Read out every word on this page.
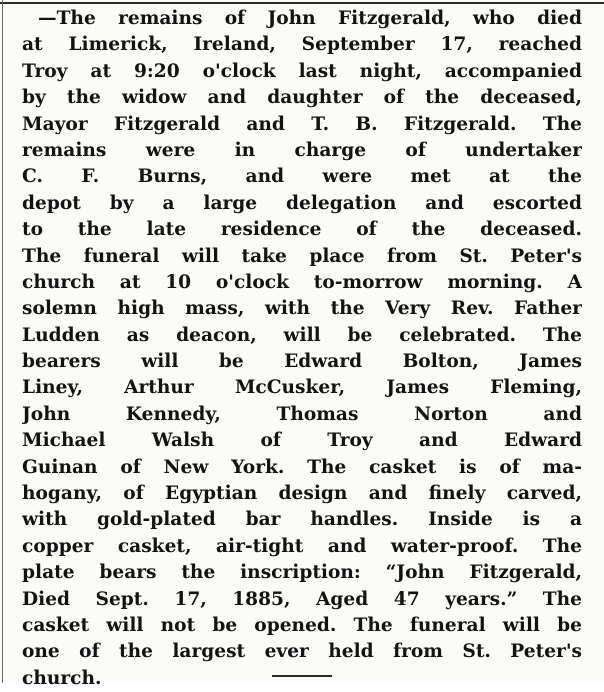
—The remains of John Fitzgerald, who died
at Limerick, Ireland, September 17, reached
Troy at 9:20 o'clock last night, accompanied
by the widow and daughter of the deceased,
Mayor Fitzgerald and T. B. Fitzgerald. The
remains were in charge of undertaker
C. F. Burns, and were met at the
depot by a large delegation and escorted
to the late residence of the deceased.
The funeral will take place from St. Peter's
church at 10 o'clock to-morrow morning. A
solemn high mass, with the Very Rev. Father
Ludden as deacon, will be celebrated. The
bearers will be Edward Bolton, James
Liney, Arthur McCusker, James Fleming,
John Kennedy, Thomas Norton and
Michael Walsh of Troy and Edward
Guinan of New York. The casket is of ma-
hogany, of Egyptian design and finely carved,
with gold-plated bar handles. Inside is a
copper casket, air-tight and water-proof. The
plate bears the inscription: “John Fitzgerald,
Died Sept. 17, 1885, Aged 47 years.” The
casket will not be opened. The funeral will be
one of the largest ever held from St. Peter's
church.
